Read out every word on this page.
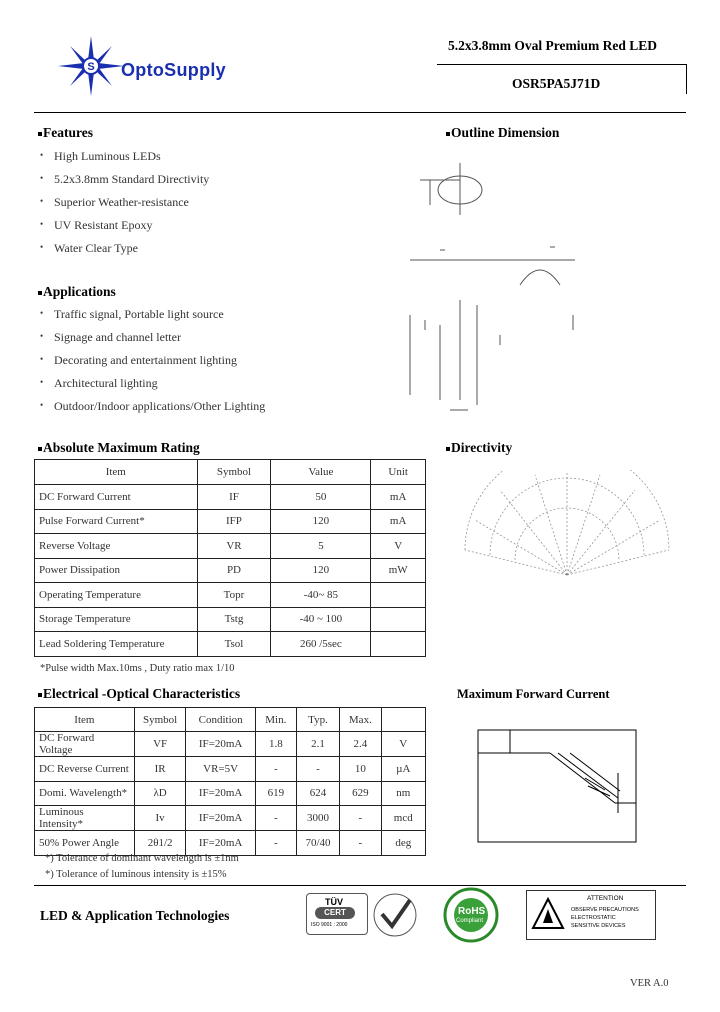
S OptoSupply
5.2x3.8mm Oval Premium Red LED
OSR5PA5J71D
Features
• High Luminous LEDs
• 5.2x3.8mm Standard Directivity
• Superior Weather-resistance
• UV Resistant Epoxy
• Water Clear Type
Applications
• Traffic signal, Portable light source
• Signage and channel letter
• Decorating and entertainment lighting
• Architectural lighting
• Outdoor/Indoor applications/Other Lighting
Outline Dimension
Absolute Maximum Rating
Item	Symbol	Value	Unit
DC Forward Current	IF	50	mA
Pulse Forward Current*	IFP	120	mA
Reverse Voltage	VR	5	V
Power Dissipation	PD	120	mW
Operating Temperature	Topr	-40~ 85	
Storage Temperature	Tstg	-40 ~ 100	
Lead Soldering Temperature	Tsol	260 /5sec	
*Pulse width Max.10ms , Duty ratio max 1/10
Directivity
Electrical -Optical Characteristics
Item	Symbol	Condition	Min.	Typ.	Max.	
DC Forward Voltage	VF	IF=20mA	1.8	2.1	2.4	V
DC Reverse Current	IR	VR=5V	-	-	10	µA
Domi. Wavelength*	λD	IF=20mA	619	624	629	nm
Luminous Intensity*	Iv	IF=20mA	-	3000	-	mcd
50% Power Angle	2θ1/2	IF=20mA	-	70/40	-	deg
*) Tolerance of dominant wavelength is ±1nm
*) Tolerance of luminous intensity is ±15%
Maximum Forward Current
LED & Application Technologies
TÜV
CERT
ISO 9001 : 2000
RoHS
Compliant
ATTENTION
OBSERVE PRECAUTIONS
ELECTROSTATIC
SENSITIVE DEVICES
VER A.0
